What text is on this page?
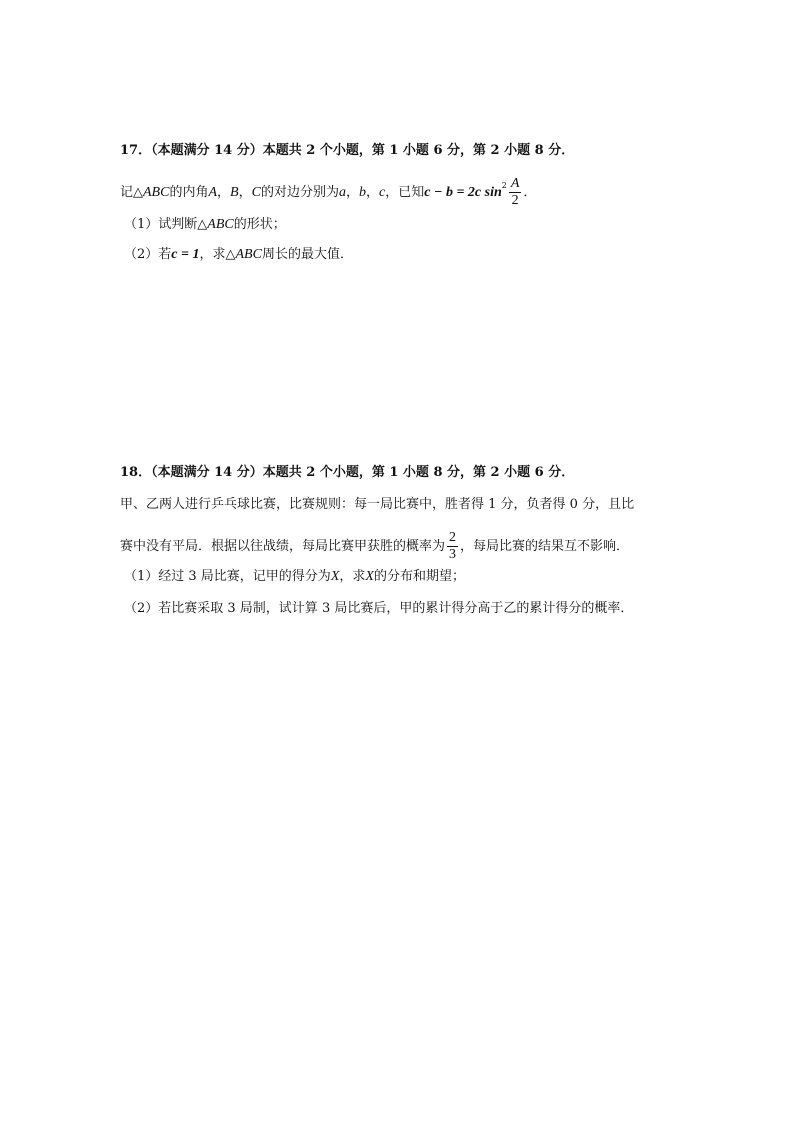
17．（本题满分 14 分）本题共 2 个小题，第 1 小题 6 分，第 2 小题 8 分．
记△ABC的内角A，B，C的对边分别为a，b，c，已知c − b = 2c $\sin^2 \frac{A}{2}$ ．
（1）试判断△ABC的形状；
（2）若c = 1，求△ABC周长的最大值．
18．（本题满分 14 分）本题共 2 个小题，第 1 小题 8 分，第 2 小题 6 分．
甲、乙两人进行乒乓球比赛，比赛规则：每一局比赛中，胜者得 1 分，负者得 0 分，且比
赛中没有平局．根据以往战绩，每局比赛甲获胜的概率为 $\frac{2}{3}$ ，每局比赛的结果互不影响．
（1）经过 3 局比赛，记甲的得分为X，求X的分布和期望；
（2）若比赛采取 3 局制，试计算 3 局比赛后，甲的累计得分高于乙的累计得分的概率．
